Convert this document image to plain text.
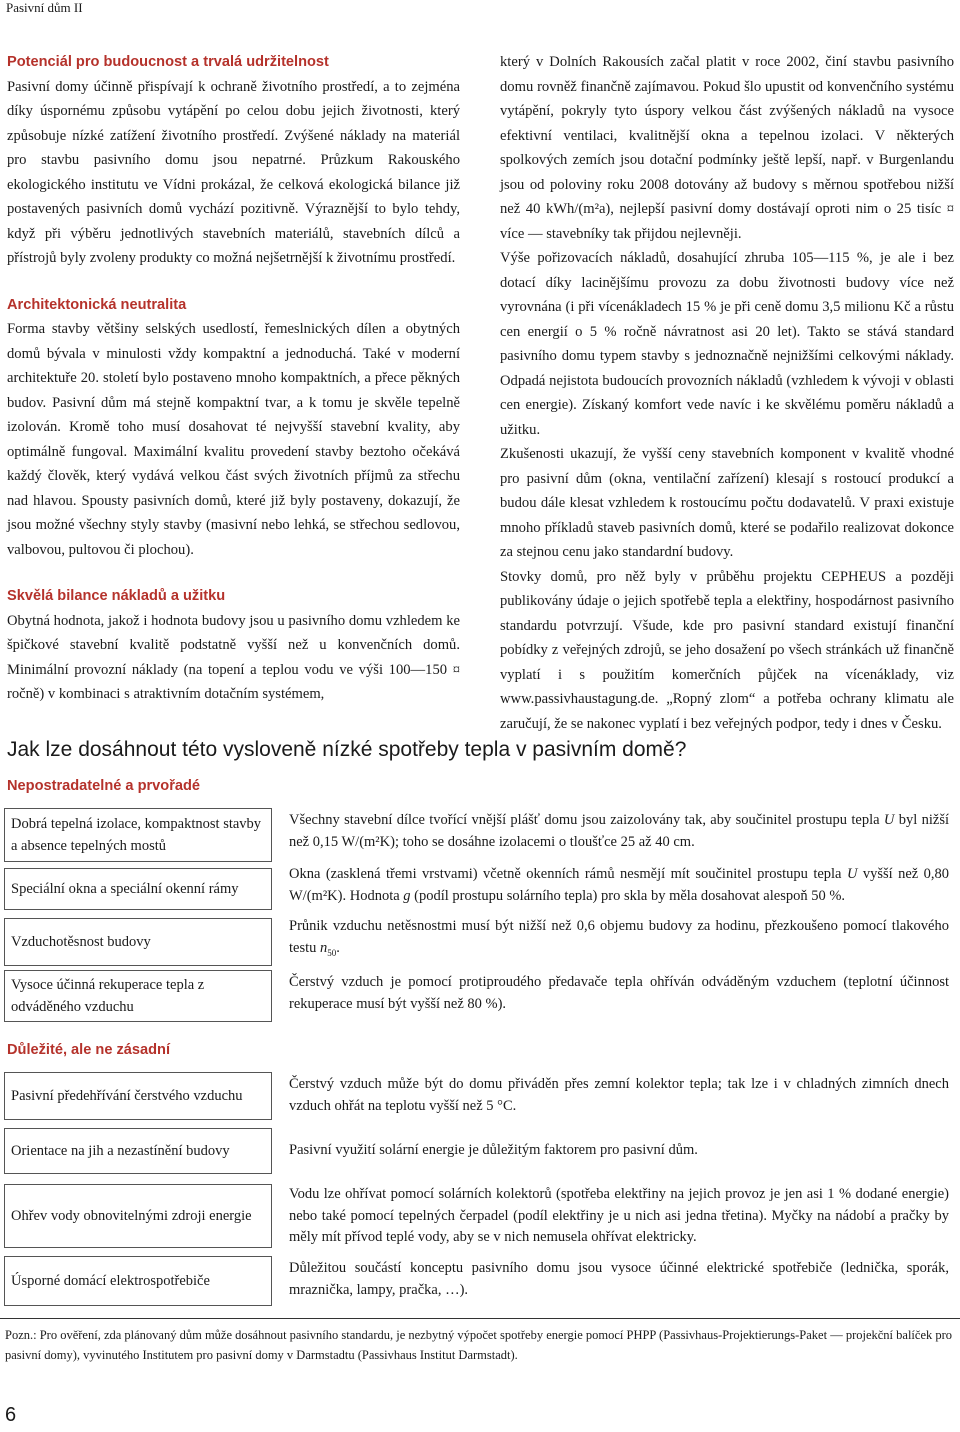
Pasivní dům II
Potenciál pro budoucnost a trvalá udržitelnost

Pasivní domy účinně přispívají k ochraně životního prostředí, a to zejména díky úspornému způsobu vytápění po celou dobu jejich životnosti, který způsobuje nízké zatížení životního prostředí. Zvýšené náklady na materiál pro stavbu pasivního domu jsou nepatrné. Průzkum Rakouského ekologického institutu ve Vídni prokázal, že celková ekologická bilance již postavených pasivních domů vychází pozitivně. Výraznější to bylo tehdy, když při výběru jednotlivých stavebních materiálů, stavebních dílců a přístrojů byly zvoleny produkty co možná nejšetrnější k životnímu prostředí.

Architektonická neutralita

Forma stavby většiny selských usedlostí, řemeslnických dílen a obytných domů bývala v minulosti vždy kompaktní a jednoduchá. Také v moderní architektuře 20. století bylo postaveno mnoho kompaktních, a přece pěkných budov. Pasivní dům má stejně kompaktní tvar, a k tomu je skvěle tepelně izolován. Kromě toho musí dosahovat té nejvyšší stavební kvality, aby optimálně fungoval. Maximální kvalitu provedení stavby beztoho očekává každý člověk, který vydává velkou část svých životních příjmů za střechu nad hlavou. Spousty pasivních domů, které již byly postaveny, dokazují, že jsou možné všechny styly stavby (masivní nebo lehká, se střechou sedlovou, valbovou, pultovou či plochou).

Skvělá bilance nákladů a užitku

Obytná hodnota, jakož i hodnota budovy jsou u pasivního domu vzhledem ke špičkové stavební kvalitě podstatně vyšší než u konvenčních domů. Minimální provozní náklady (na topení a teplou vodu ve výši 100—150 ¤ ročně) v kombinaci s atraktivním dotačním systémem,

který v Dolních Rakousích začal platit v roce 2002, činí stavbu pasivního domu rovněž finančně zajímavou. Pokud šlo upustit od konvenčního systému vytápění, pokryly tyto úspory velkou část zvýšených nákladů na vysoce efektivní ventilaci, kvalitnější okna a tepelnou izolaci. V některých spolkových zemích jsou dotační podmínky ještě lepší, např. v Burgenlandu jsou od poloviny roku 2008 dotovány až budovy s měrnou spotřebou nižší než 40 kWh/(m²a), nejlepší pasivní domy dostávají oproti nim o 25 tisíc ¤ více — stavebníky tak přijdou nejlevněji.

Výše pořizovacích nákladů, dosahující zhruba 105—115 %, je ale i bez dotací díky lacinějšímu provozu za dobu životnosti budovy více než vyrovnána (i při vícenákladech 15 % je při ceně domu 3,5 milionu Kč a růstu cen energií o 5 % ročně návratnost asi 20 let). Takto se stává standard pasivního domu typem stavby s jednoznačně nejnižšími celkovými náklady. Odpadá nejistota budoucích provozních nákladů (vzhledem k vývoji v oblasti cen energie). Získaný komfort vede navíc i ke skvělému poměru nákladů a užitku.

Zkušenosti ukazují, že vyšší ceny stavebních komponent v kvalitě vhodné pro pasivní dům (okna, ventilační zařízení) klesají s rostoucí produkcí a budou dále klesat vzhledem k rostoucímu počtu dodavatelů. V praxi existuje mnoho příkladů staveb pasivních domů, které se podařilo realizovat dokonce za stejnou cenu jako standardní budovy.

Stovky domů, pro něž byly v průběhu projektu CEPHEUS a později publikovány údaje o jejich spotřebě tepla a elektřiny, hospodárnost pasivního standardu potvrzují. Všude, kde pro pasivní standard existují finanční pobídky z veřejných zdrojů, se jeho dosažení po všech stránkách už finančně vyplatí i s použitím komerčních půjček na vícenáklady, viz www.passivhaustagung.de. „Ropný zlom“ a potřeba ochrany klimatu ale zaručují, že se nakonec vyplatí i bez veřejných podpor, tedy i dnes v Česku.

Jak lze dosáhnout této vysloveně nízké spotřeby tepla v pasivním domě?
Nepostradatelné a prvořadé
Dobrá tepelná izolace, kompaktnost stavby a absence tepelných mostů
Všechny stavební dílce tvořící vnější plášť domu jsou zaizolovány tak, aby součinitel prostupu tepla U byl nižší než 0,15 W/(m²K); toho se dosáhne izolacemi o tloušťce 25 až 40 cm.
Speciální okna a speciální okenní rámy
Okna (zasklená třemi vrstvami) včetně okenních rámů nesmějí mít součinitel prostupu tepla U vyšší než 0,80 W/(m²K). Hodnota g (podíl prostupu solárního tepla) pro skla by měla dosahovat alespoň 50 %.
Vzduchotěsnost budovy
Průnik vzduchu netěsnostmi musí být nižší než 0,6 objemu budovy za hodinu, přezkoušeno pomocí tlakového testu $n_{50}$.
Vysoce účinná rekuperace tepla z odváděného vzduchu
Čerstvý vzduch je pomocí protiproudého předavače tepla ohříván odváděným vzduchem (teplotní účinnost rekuperace musí být vyšší než 80 %).
Důležité, ale ne zásadní
Pasivní předehřívání čerstvého vzduchu
Čerstvý vzduch může být do domu přiváděn přes zemní kolektor tepla; tak lze i v chladných zimních dnech vzduch ohřát na teplotu vyšší než 5 °C.
Orientace na jih a nezastínění budovy	Pasivní využití solární energie je důležitým faktorem pro pasivní dům.
Ohřev vody obnovitelnými zdroji energie
Vodu lze ohřívat pomocí solárních kolektorů (spotřeba elektřiny na jejich provoz je jen asi 1 % dodané energie) nebo také pomocí tepelných čerpadel (podíl elektřiny je u nich asi jedna třetina). Myčky na nádobí a pračky by měly mít přívod teplé vody, aby se v nich nemusela ohřívat elektricky.
Úsporné domácí elektrospotřebiče
Důležitou součástí konceptu pasivního domu jsou vysoce účinné elektrické spotřebiče (lednička, sporák, mraznička, lampy, pračka, …).
Pozn.: Pro ověření, zda plánovaný dům může dosáhnout pasivního standardu, je nezbytný výpočet spotřeby energie pomocí PHPP (Passivhaus-Projektierungs-Paket — projekční balíček pro pasivní domy), vyvinutého Institutem pro pasivní domy v Darmstadtu (Passivhaus Institut Darmstadt).
6
